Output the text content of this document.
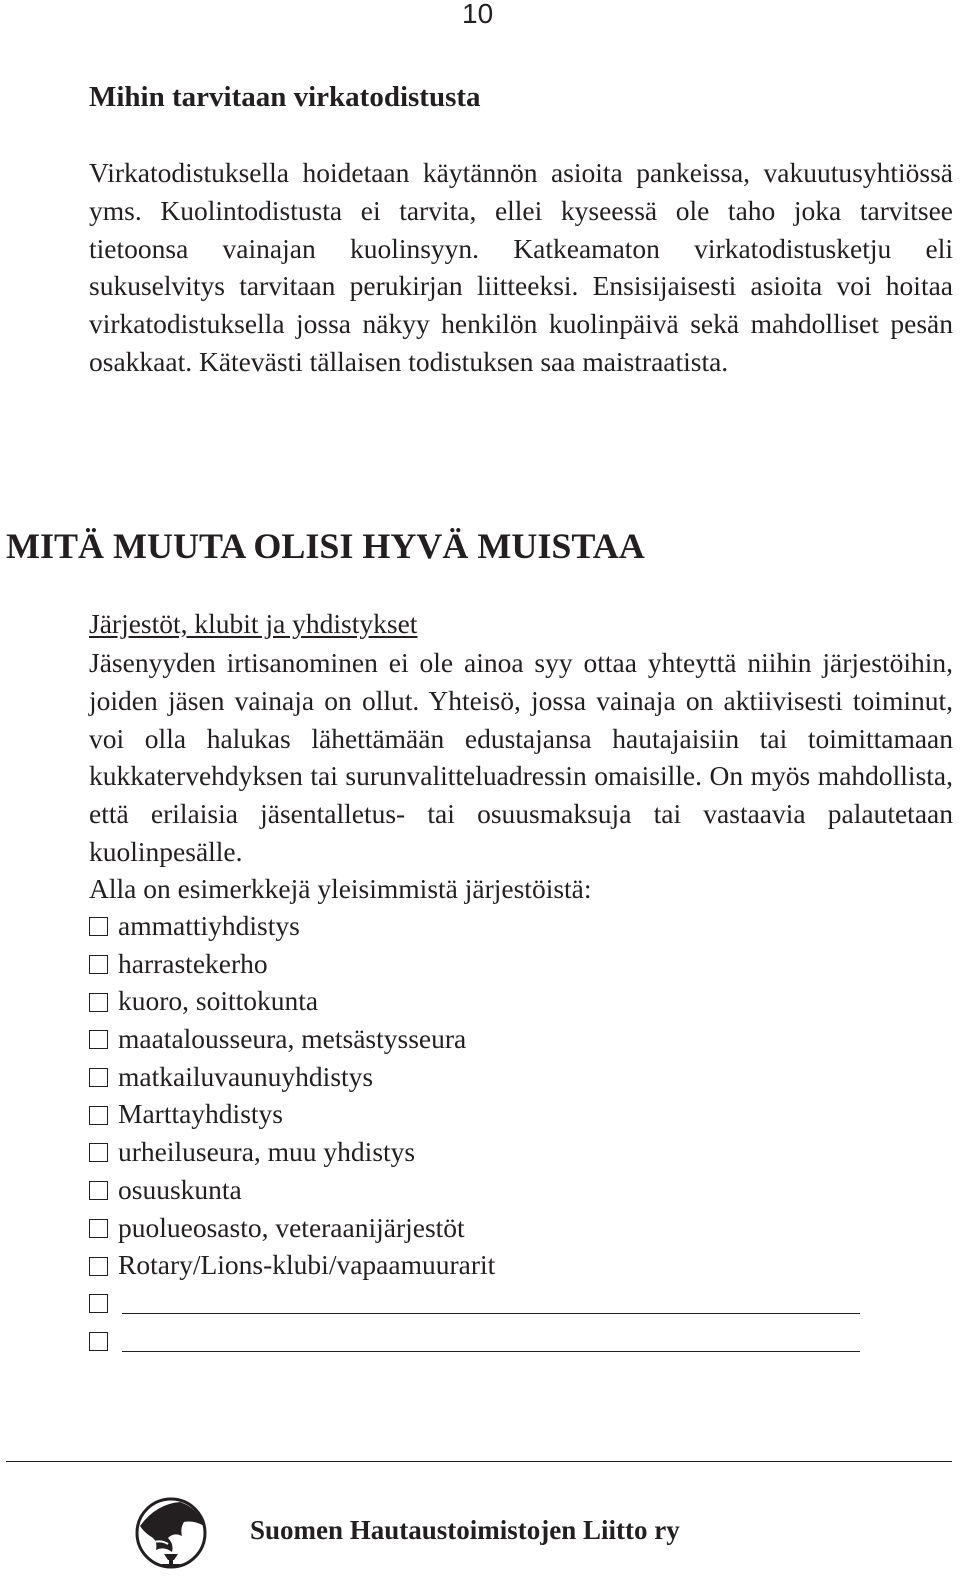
10
Mihin tarvitaan virkatodistusta

Virkatodistuksella hoidetaan käytännön asioita pankeissa, vakuutusyhtiössä yms. Kuolintodistusta ei tarvita, ellei kyseessä ole taho joka tarvitsee tietoonsa vainajan kuolinsyyn. Katkeamaton virkatodistusketju eli sukuselvitys tarvitaan perukirjan liitteeksi. Ensisijaisesti asioita voi hoitaa virkatodistuksella jossa näkyy henkilön kuolinpäivä sekä mahdolliset pesän osakkaat. Kätevästi tällaisen todistuksen saa maistraatista.

MITÄ MUUTA OLISI HYVÄ MUISTAA

Järjestöt, klubit ja yhdistykset

Jäsenyyden irtisanominen ei ole ainoa syy ottaa yhteyttä niihin järjestöihin, joiden jäsen vainaja on ollut. Yhteisö, jossa vainaja on aktiivisesti toiminut, voi olla halukas lähettämään edustajansa hautajaisiin tai toimittamaan kukkatervehdyksen tai surunvalitteluadressin omaisille. On myös mahdollista, että erilaisia jäsentalletus- tai osuusmaksuja tai vastaavia palautetaan kuolinpesälle.

Alla on esimerkkejä yleisimmistä järjestöistä:

ammattiyhdistys
harrastekerho
kuoro, soittokunta
maatalousseura, metsästysseura
matkailuvaunuyhdistys
Marttayhdistys
urheiluseura, muu yhdistys
osuuskunta
puolueosasto, veteraanijärjestöt
Rotary/Lions-klubi/vapaamuurarit

Suomen Hautaustoimistojen Liitto ry
